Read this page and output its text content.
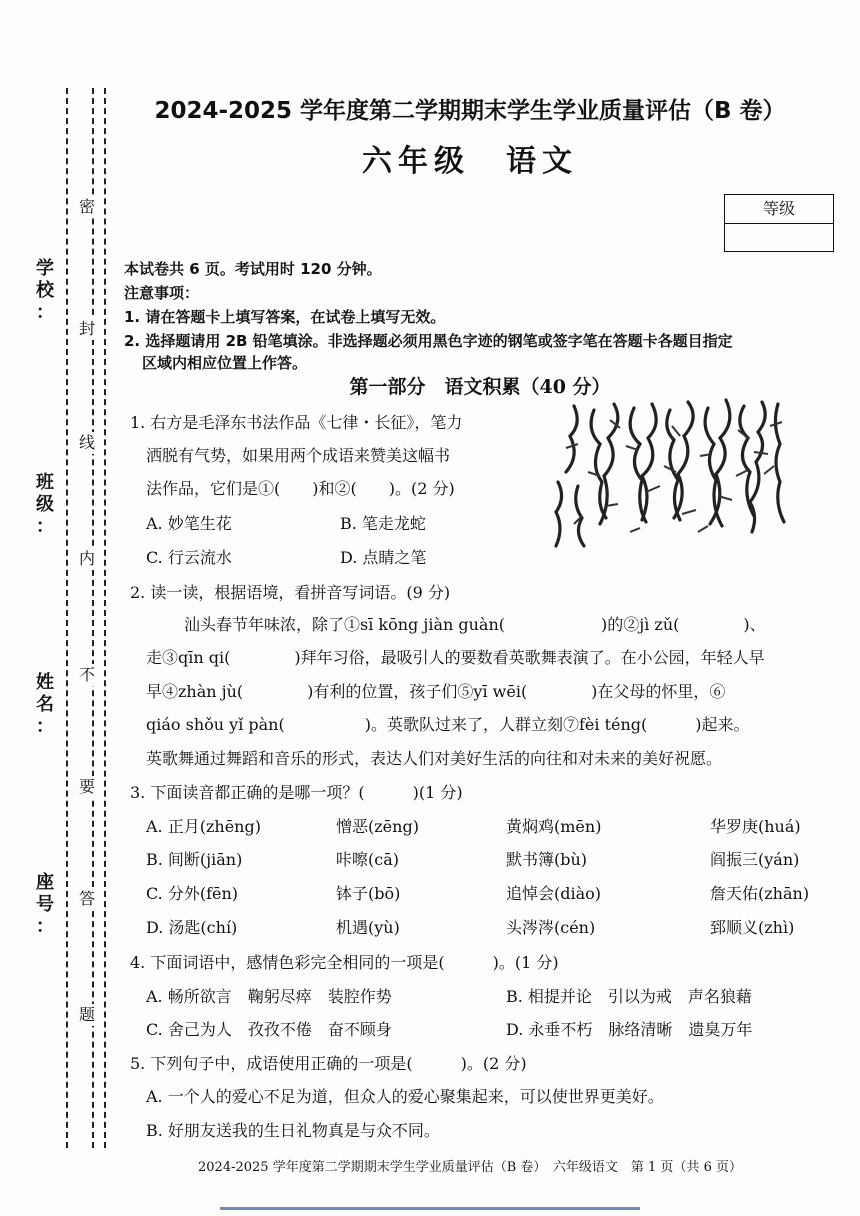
密
封
线
内
不
要
答
题
学校
：
班级
：
姓名
：
座号
：
2024-2025 学年度第二学期期末学生学业质量评估（B 卷）
六年级　语文
等级
本试卷共 6 页。考试用时 120 分钟。
注意事项：
1. 请在答题卡上填写答案，在试卷上填写无效。
2. 选择题请用 2B 铅笔填涂。非选择题必须用黑色字迹的钢笔或签字笔在答题卡各题目指定
区域内相应位置上作答。
第一部分　语文积累（40 分）
1. 右方是毛泽东书法作品《七律・长征》，笔力
洒脱有气势，如果用两个成语来赞美这幅书
法作品，它们是①(　　)和②(　　)。(2 分)
A. 妙笔生花	B. 笔走龙蛇
C. 行云流水	D. 点睛之笔
2. 读一读，根据语境，看拼音写词语。(9 分)
汕头春节年味浓，除了①sī kōng jiàn guàn(　　　　　　)的②jì zǔ(　　　　)、
走③qīn qi(　　　　)拜年习俗，最吸引人的要数看英歌舞表演了。在小公园，年轻人早
早④zhàn jù(　　　　)有利的位置，孩子们⑤yī wēi(　　　　)在父母的怀里，⑥
qiáo shǒu yǐ pàn(　　　　　)。英歌队过来了，人群立刻⑦fèi téng(　　　)起来。
英歌舞通过舞蹈和音乐的形式，表达人们对美好生活的向往和对未来的美好祝愿。
3. 下面读音都正确的是哪一项？(　　　)(1 分)
A. 正月(zhēng)	憎恶(zēng)	黄焖鸡(mēn)	华罗庚(huá)
B. 间断(jiān)	咔嚓(cā)	默书簿(bù)	阎振三(yán)
C. 分外(fēn)	钵子(bō)	追悼会(diào)	詹天佑(zhān)
D. 汤匙(chí)	机遇(yù)	头涔涔(cén)	郅顺义(zhì)
4. 下面词语中，感情色彩完全相同的一项是(　　　)。(1 分)
A. 畅所欲言　鞠躬尽瘁　装腔作势	B. 相提并论　引以为戒　声名狼藉
C. 舍己为人　孜孜不倦　奋不顾身	D. 永垂不朽　脉络清晰　遗臭万年
5. 下列句子中，成语使用正确的一项是(　　　)。(2 分)
A. 一个人的爱心不足为道，但众人的爱心聚集起来，可以使世界更美好。
B. 好朋友送我的生日礼物真是与众不同。
2024-2025 学年度第二学期期末学生学业质量评估（B 卷）　六年级语文　第 1 页（共 6 页）
